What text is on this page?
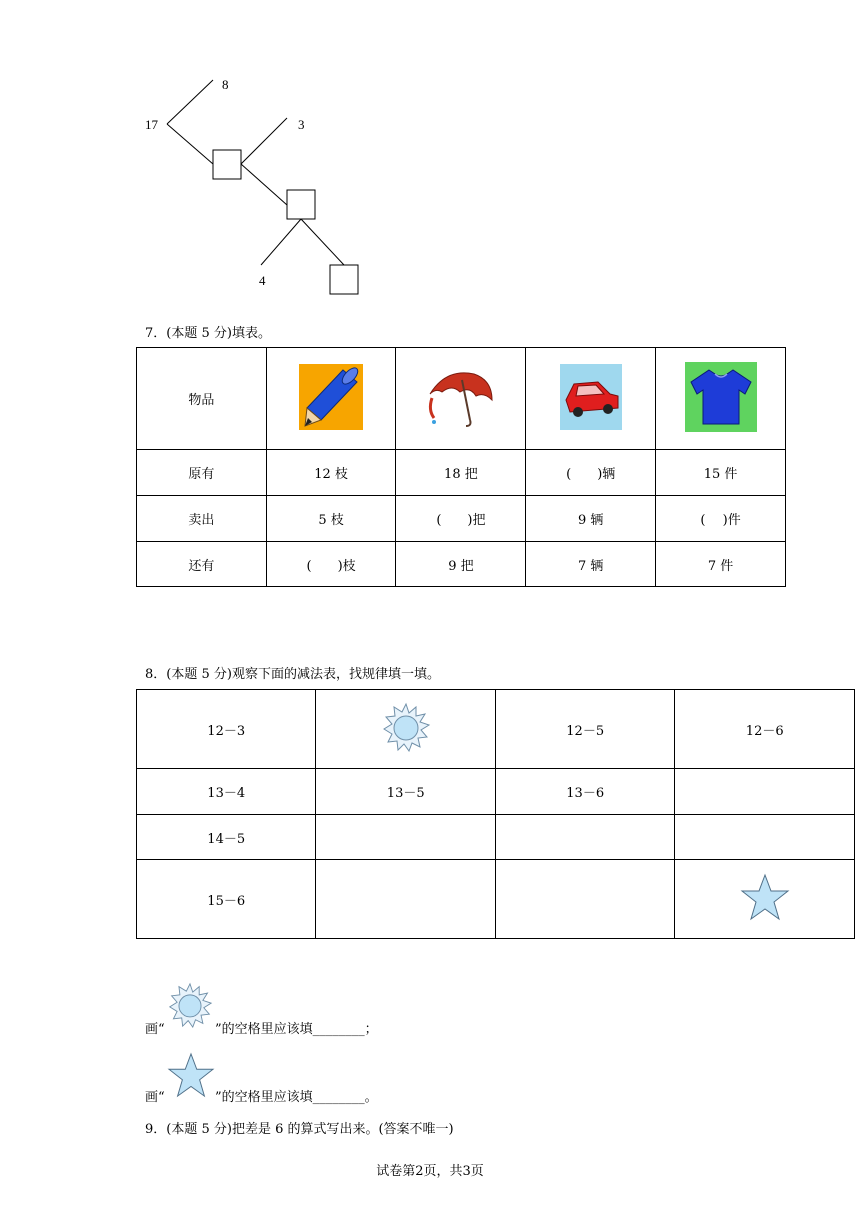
17
8
3
4
7．(本题 5 分)填表。
物品				
原有	12 枝	18 把	(　　)辆	15 件
卖出	5 枝	(　　)把	9 辆	(　 )件
还有	(　　)枝	9 把	7 辆	7 件
8．(本题 5 分)观察下面的减法表，找规律填一填。
12－3		12－5	12－6
13－4	13－5	13－6	
14－5			
15－6			
画“	”的空格里应该填________；
画“	”的空格里应该填________。
9．(本题 5 分)把差是 6 的算式写出来。(答案不唯一)
试卷第2页，共3页
